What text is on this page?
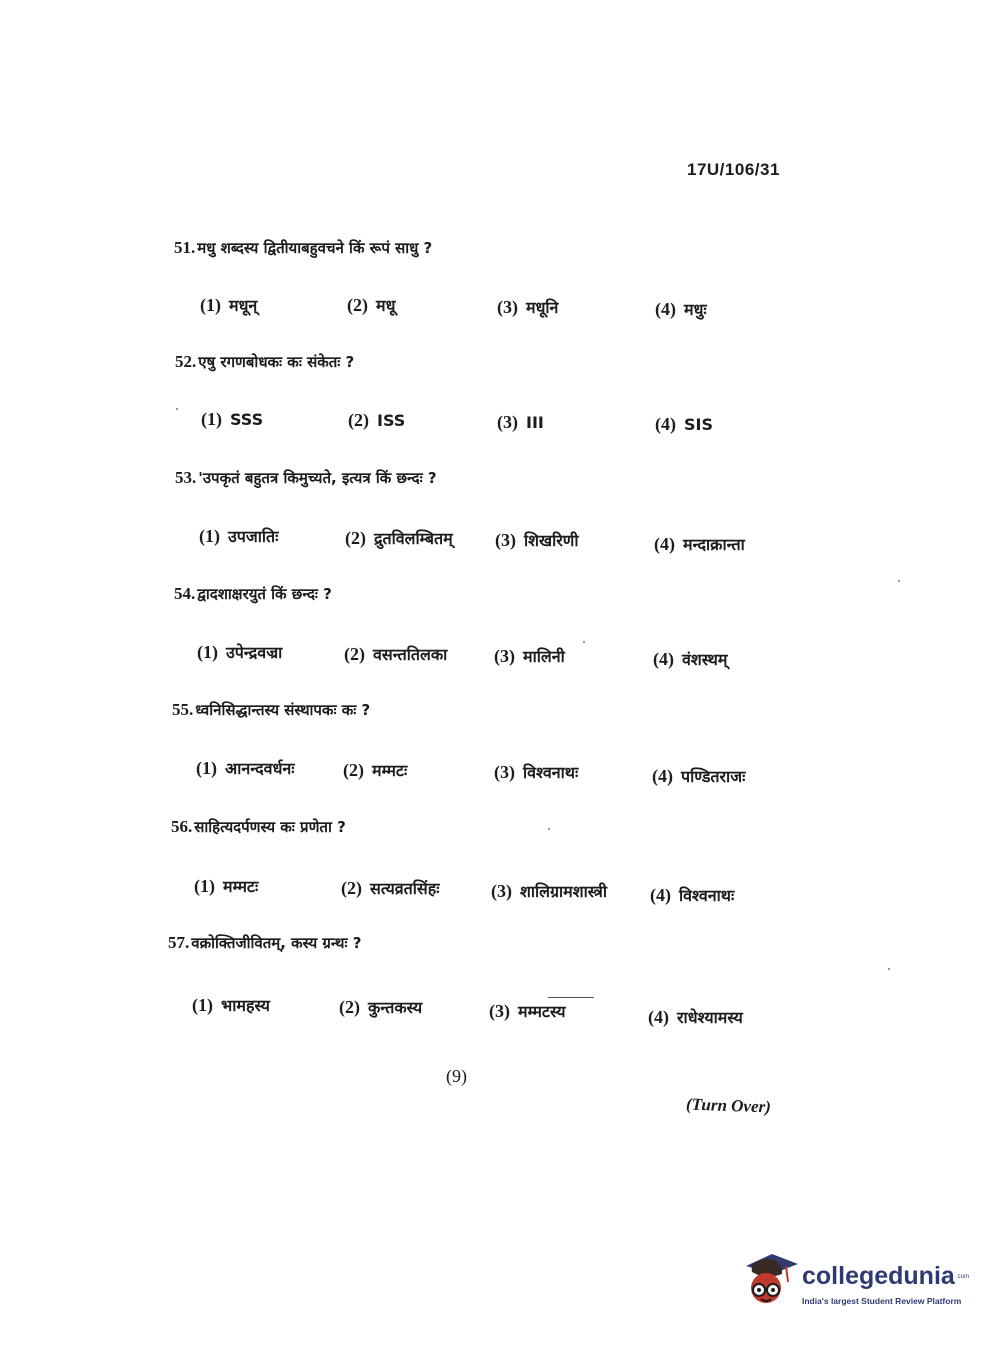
17U/106/31
51. मधु शब्दस्य द्वितीयाबहुवचने किं रूपं साधु ?
(1) मधून्	(2) मधू	(3) मधूनि	(4) मधुः
52. एषु रगणबोधकः कः संकेतः ?
(1) SSS	(2) ISS	(3) III	(4) SIS
53. 'उपकृतं बहुतत्र किमुच्यते, इत्यत्र किं छन्दः ?
(1) उपजातिः	(2) द्रुतविलम्बितम् (3) शिखरिणी	(4) मन्दाक्रान्ता
54. द्वादशाक्षरयुतं किं छन्दः ?
(1) उपेन्द्रवज्रा	(2) वसन्ततिलका	(3) मालिनी	(4) वंशस्थम्
55. ध्वनिसिद्धान्तस्य संस्थापकः कः ?
(1) आनन्दवर्धनः	(2) मम्मटः	(3) विश्वनाथः	(4) पण्डितराजः
56. साहित्यदर्पणस्य कः प्रणेता ?
(1) मम्मटः	(2) सत्यव्रतसिंहः	(3) शालिग्रामशास्त्री (4) विश्वनाथः
57. वक्रोक्तिजीवितम्, कस्य ग्रन्थः ?
(1) भामहस्य	(2) कुन्तकस्य	(3) मम्मटस्य	(4) राधेश्यामस्य
(9)
(Turn Over)
collegedunia .com
India's largest Student Review Platform
